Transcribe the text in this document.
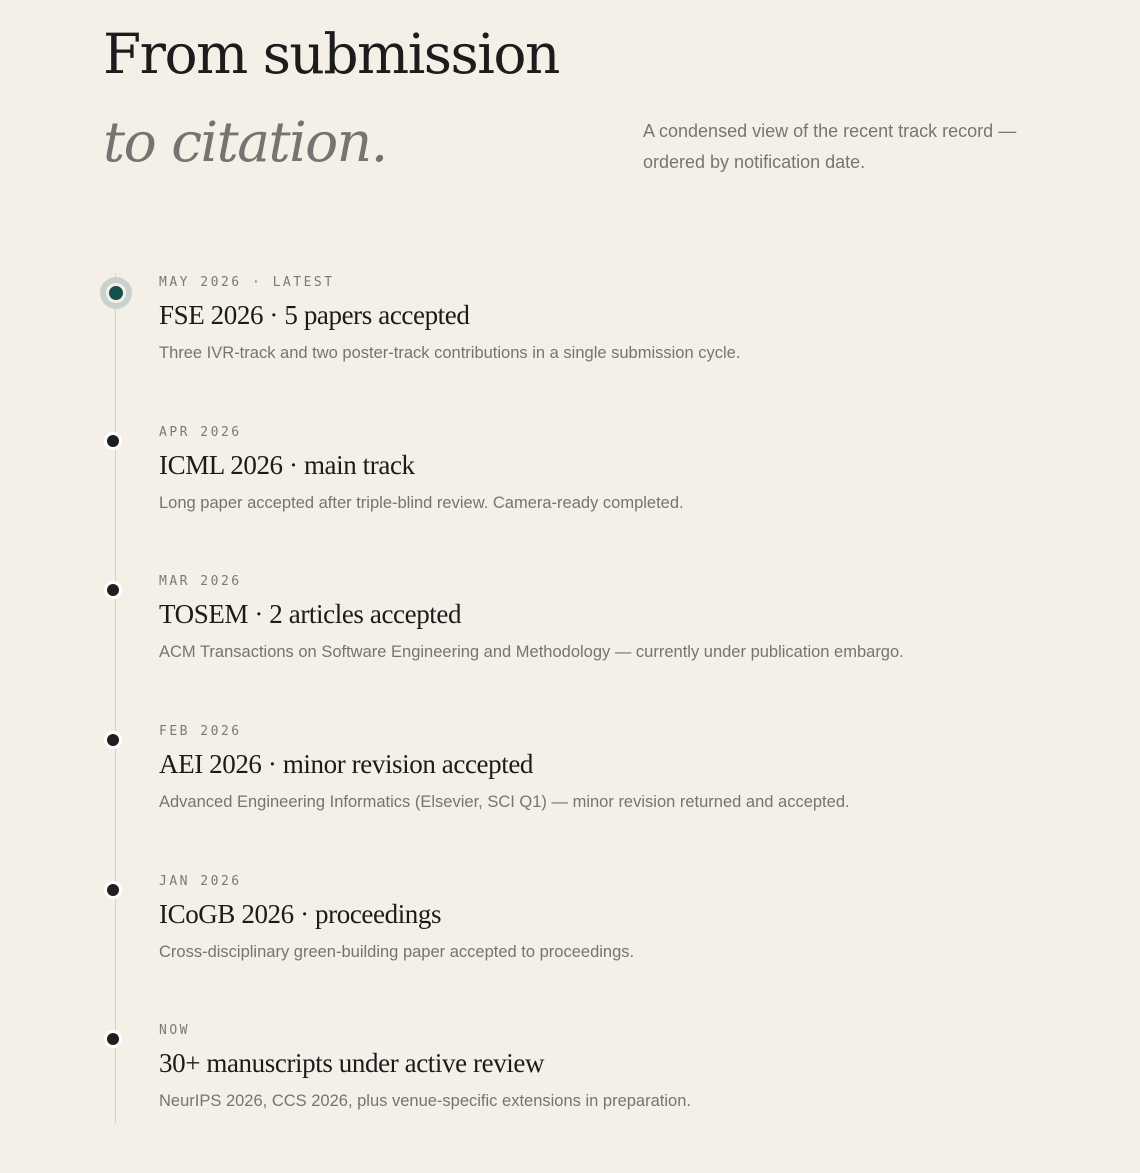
From submission
to citation.	A condensed view of the recent track record — ordered by notification date.

MAY 2026 · LATEST

FSE 2026 · 5 papers accepted

Three IVR-track and two poster-track contributions in a single submission cycle.

APR 2026

ICML 2026 · main track

Long paper accepted after triple-blind review. Camera-ready completed.

MAR 2026

TOSEM · 2 articles accepted

ACM Transactions on Software Engineering and Methodology — currently under publication embargo.

FEB 2026

AEI 2026 · minor revision accepted

Advanced Engineering Informatics (Elsevier, SCI Q1) — minor revision returned and accepted.

JAN 2026

ICoGB 2026 · proceedings

Cross-disciplinary green-building paper accepted to proceedings.

NOW

30+ manuscripts under active review

NeurIPS 2026, CCS 2026, plus venue-specific extensions in preparation.
